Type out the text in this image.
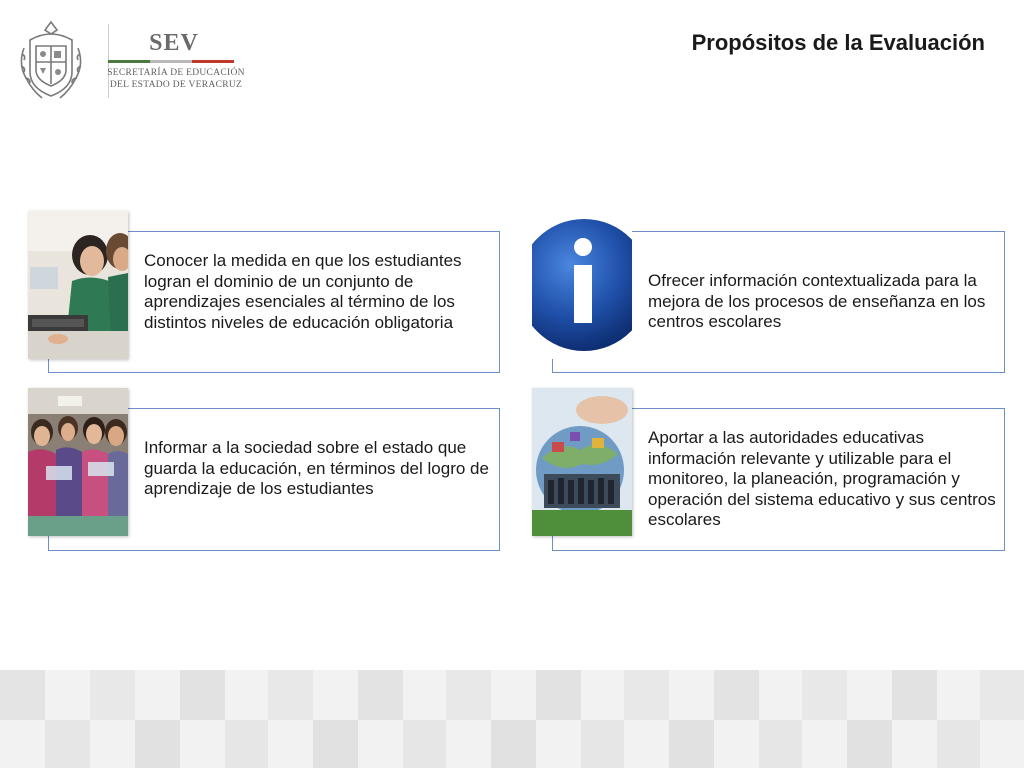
SEV
SECRETARÍA DE EDUCACIÓN
DEL ESTADO DE VERACRUZ
Propósitos de la Evaluación
Conocer la medida en que los estudiantes logran el dominio de un conjunto de aprendizajes esenciales al término de los distintos niveles de educación obligatoria
Ofrecer información contextualizada para la mejora de los procesos de enseñanza en los centros escolares
Informar a la sociedad sobre el estado que guarda la educación, en términos del logro de aprendizaje de los estudiantes
Aportar a las autoridades educativas información relevante y utilizable para el monitoreo, la planeación, programación y operación del sistema educativo y sus centros escolares
